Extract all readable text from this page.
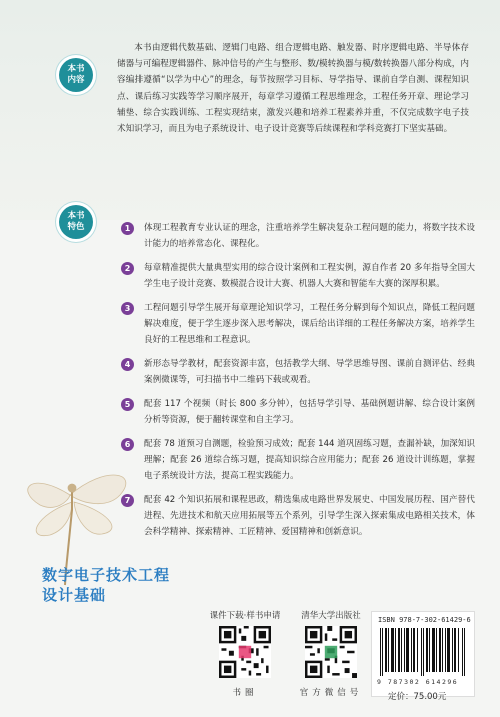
本书内容
本书由逻辑代数基础、逻辑门电路、组合逻辑电路、触发器、时序逻辑电路、半导体存储器与可编程逻辑器件、脉冲信号的产生与整形、数/模转换器与模/数转换器八部分构成，内容编排遵循“以学为中心”的理念，每节按照学习目标、导学指导、课前自学自测、课程知识点、课后练习实践等学习顺序展开，每章学习遵循工程思维理念，工程任务开章、理论学习辅垫、综合实践训练、工程实现结束，激发兴趣和培养工程素养并重，不仅完成数字电子技术知识学习，而且为电子系统设计、电子设计竞赛等后续课程和学科竞赛打下坚实基础。
本书特色	1	体现工程教育专业认证的理念，注重培养学生解决复杂工程问题的能力，将数字技术设计能力的培养常态化、课程化。
2	每章精准提供大量典型实用的综合设计案例和工程实例，源自作者 20 多年指导全国大学生电子设计竞赛、数模混合设计大赛、机器人大赛和智能车大赛的深厚积累。
3	工程问题引导学生展开每章理论知识学习，工程任务分解到每个知识点，降低工程问题解决难度，便于学生逐步深入思考解决，课后给出详细的工程任务解决方案，培养学生良好的工程思维和工程意识。
4	新形态导学教材，配套资源丰富，包括教学大纲、导学思维导图、课前自测评估、经典案例微课等，可扫描书中二维码下载或观看。
5	配套 117 个视频（时长 800 多分钟），包括导学引导、基础例题讲解、综合设计案例分析等资源，便于翻转课堂和自主学习。
6	配套 78 道预习自测题，检验预习成效；配套 144 道巩固练习题，查漏补缺，加深知识理解；配套 26 道综合练习题，提高知识综合应用能力；配套 26 道设计训练题，掌握电子系统设计方法，提高工程实践能力。
7	配套 42 个知识拓展和课程思政，精选集成电路世界发展史、中国发展历程、国产替代进程、先进技术和航天应用拓展等五个系列，引导学生深入探索集成电路相关技术，体会科学精神、探索精神、工匠精神、爱国精神和创新意识。
数字电子技术工程
设计基础
课件下载·样书申请
书圈
清华大学出版社
官方微信号
ISBN 978-7-302-61429-6
9 787302 614296
定价：75.00元
